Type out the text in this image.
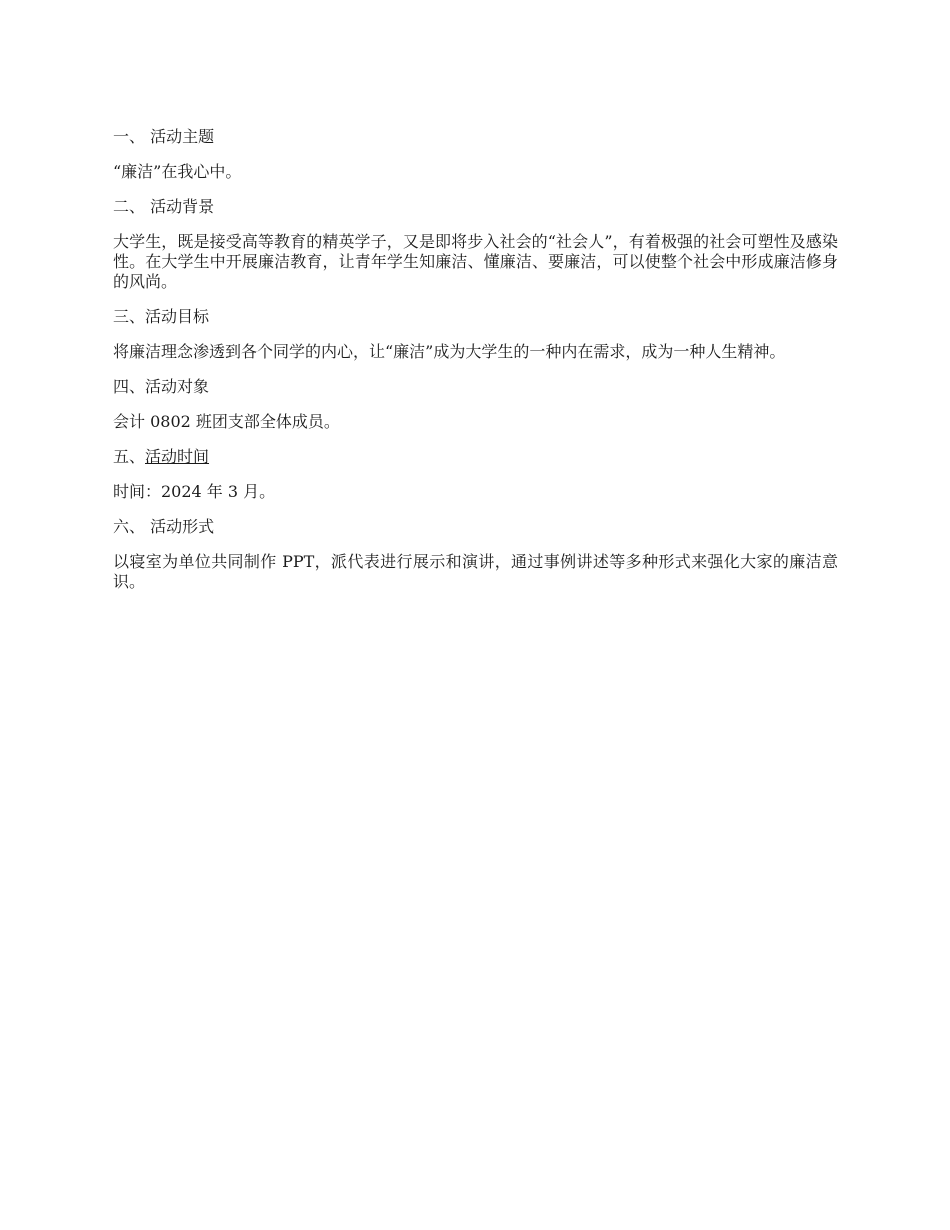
一、 活动主题

“廉洁”在我心中。

二、 活动背景

大学生，既是接受高等教育的精英学子，又是即将步入社会的“社会人”，有着极强的社会可塑性及感染性。在大学生中开展廉洁教育，让青年学生知廉洁、懂廉洁、要廉洁，可以使整个社会中形成廉洁修身的风尚。

三、活动目标

将廉洁理念渗透到各个同学的内心，让“廉洁”成为大学生的一种内在需求，成为一种人生精神。

四、活动对象

会计 0802 班团支部全体成员。

五、活动时间

时间：2024 年 3 月。

六、 活动形式

以寝室为单位共同制作 PPT，派代表进行展示和演讲，通过事例讲述等多种形式来强化大家的廉洁意识。
